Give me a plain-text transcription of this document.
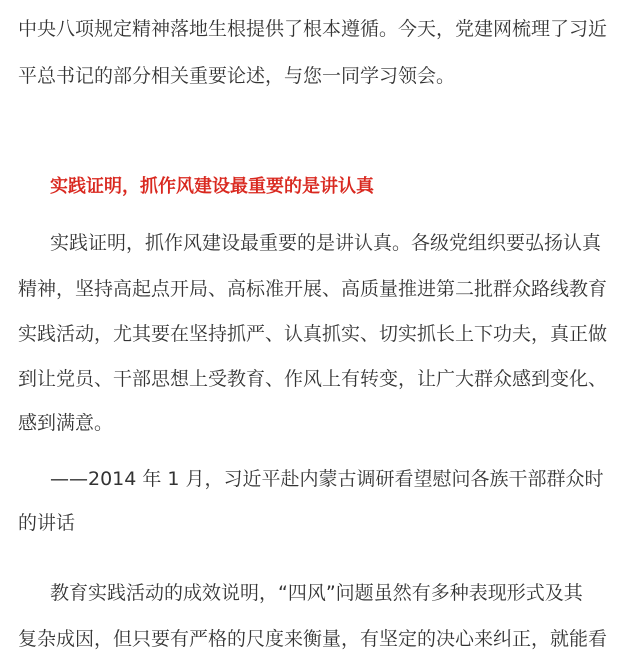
中央八项规定精神落地生根提供了根本遵循。今天，党建网梳理了习近
平总书记的部分相关重要论述，与您一同学习领会。
实践证明，抓作风建设最重要的是讲认真
实践证明，抓作风建设最重要的是讲认真。各级党组织要弘扬认真
精神，坚持高起点开局、高标准开展、高质量推进第二批群众路线教育
实践活动，尤其要在坚持抓严、认真抓实、切实抓长上下功夫，真正做
到让党员、干部思想上受教育、作风上有转变，让广大群众感到变化、
感到满意。
——2014 年 1 月，习近平赴内蒙古调研看望慰问各族干部群众时
的讲话
教育实践活动的成效说明，“四风”问题虽然有多种表现形式及其
复杂成因，但只要有严格的尺度来衡量，有坚定的决心来纠正，就能看
